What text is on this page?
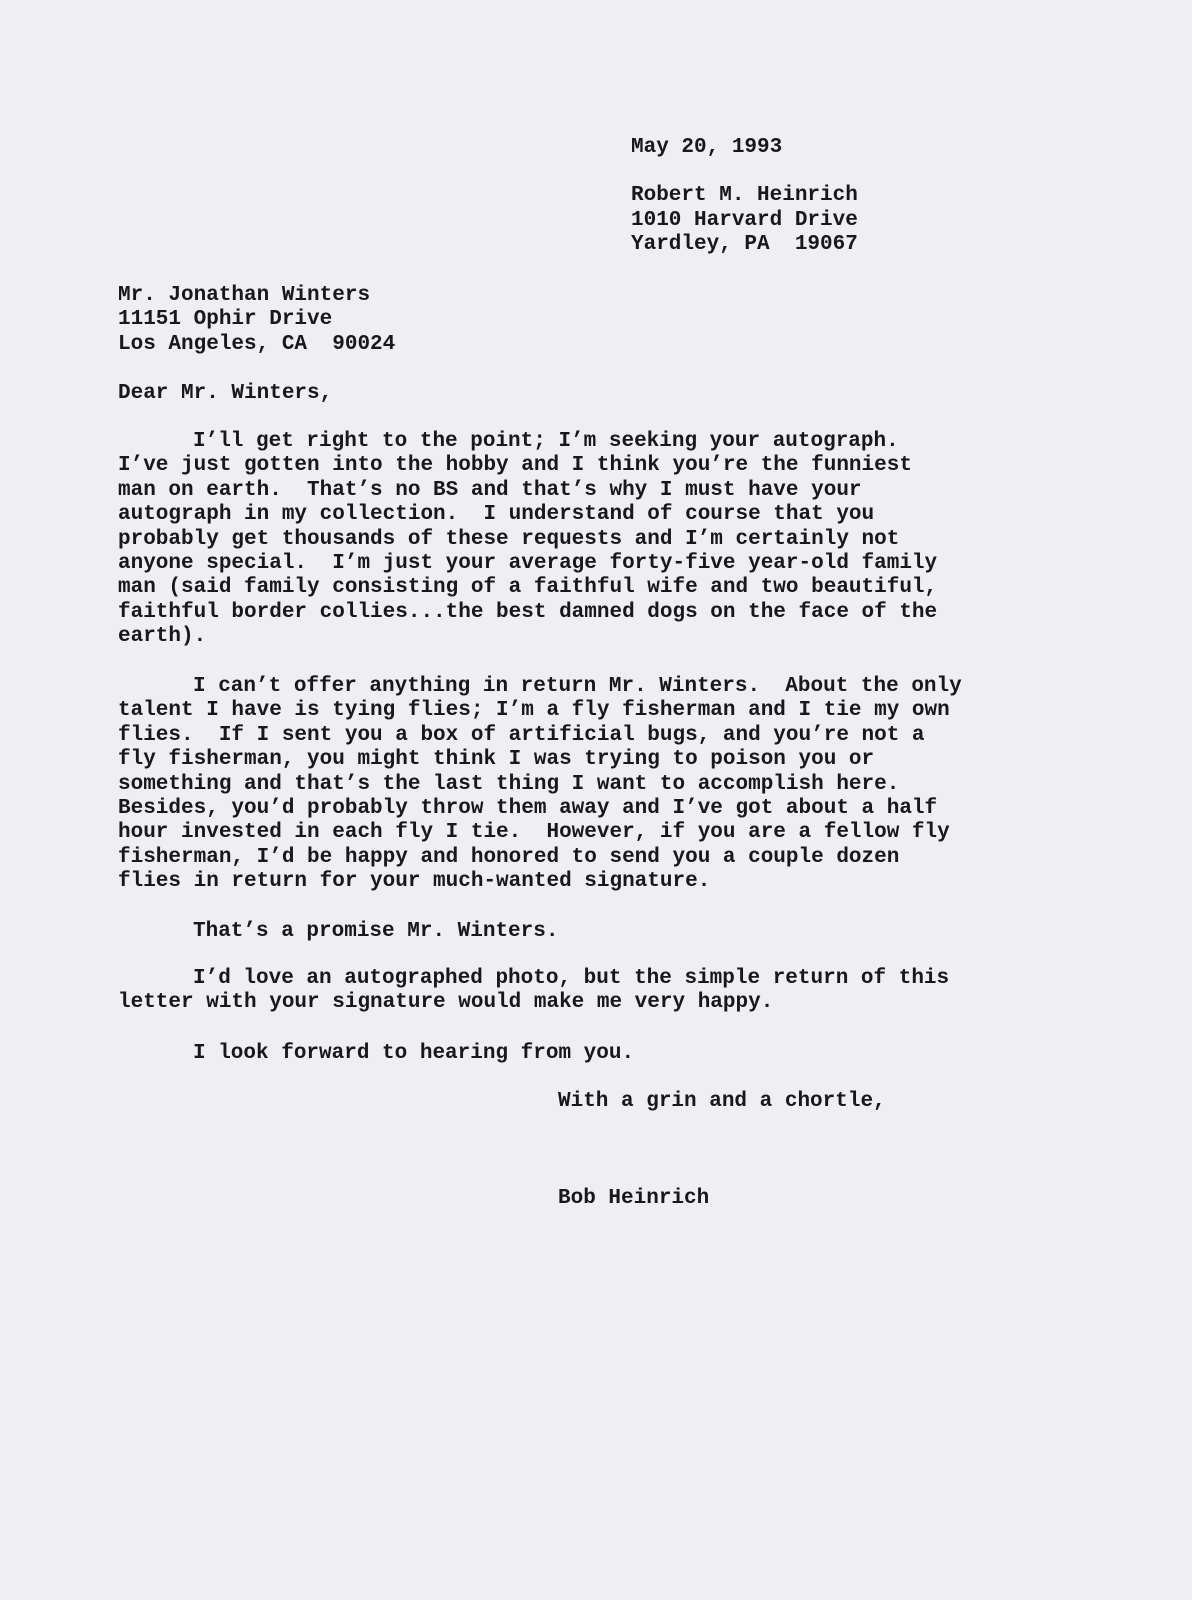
May 20, 1993
Robert M. Heinrich
1010 Harvard Drive
Yardley, PA  19067
Mr. Jonathan Winters
11151 Ophir Drive
Los Angeles, CA  90024
Dear Mr. Winters,
I’ll get right to the point; I’m seeking your autograph.
I’ve just gotten into the hobby and I think you’re the funniest
man on earth.  That’s no BS and that’s why I must have your
autograph in my collection.  I understand of course that you
probably get thousands of these requests and I’m certainly not
anyone special.  I’m just your average forty-five year-old family
man (said family consisting of a faithful wife and two beautiful,
faithful border collies...the best damned dogs on the face of the
earth).
I can’t offer anything in return Mr. Winters.  About the only
talent I have is tying flies; I’m a fly fisherman and I tie my own
flies.  If I sent you a box of artificial bugs, and you’re not a
fly fisherman, you might think I was trying to poison you or
something and that’s the last thing I want to accomplish here.
Besides, you’d probably throw them away and I’ve got about a half
hour invested in each fly I tie.  However, if you are a fellow fly
fisherman, I’d be happy and honored to send you a couple dozen
flies in return for your much-wanted signature.
That’s a promise Mr. Winters.
I’d love an autographed photo, but the simple return of this
letter with your signature would make me very happy.
I look forward to hearing from you.
With a grin and a chortle,
Bob Heinrich
